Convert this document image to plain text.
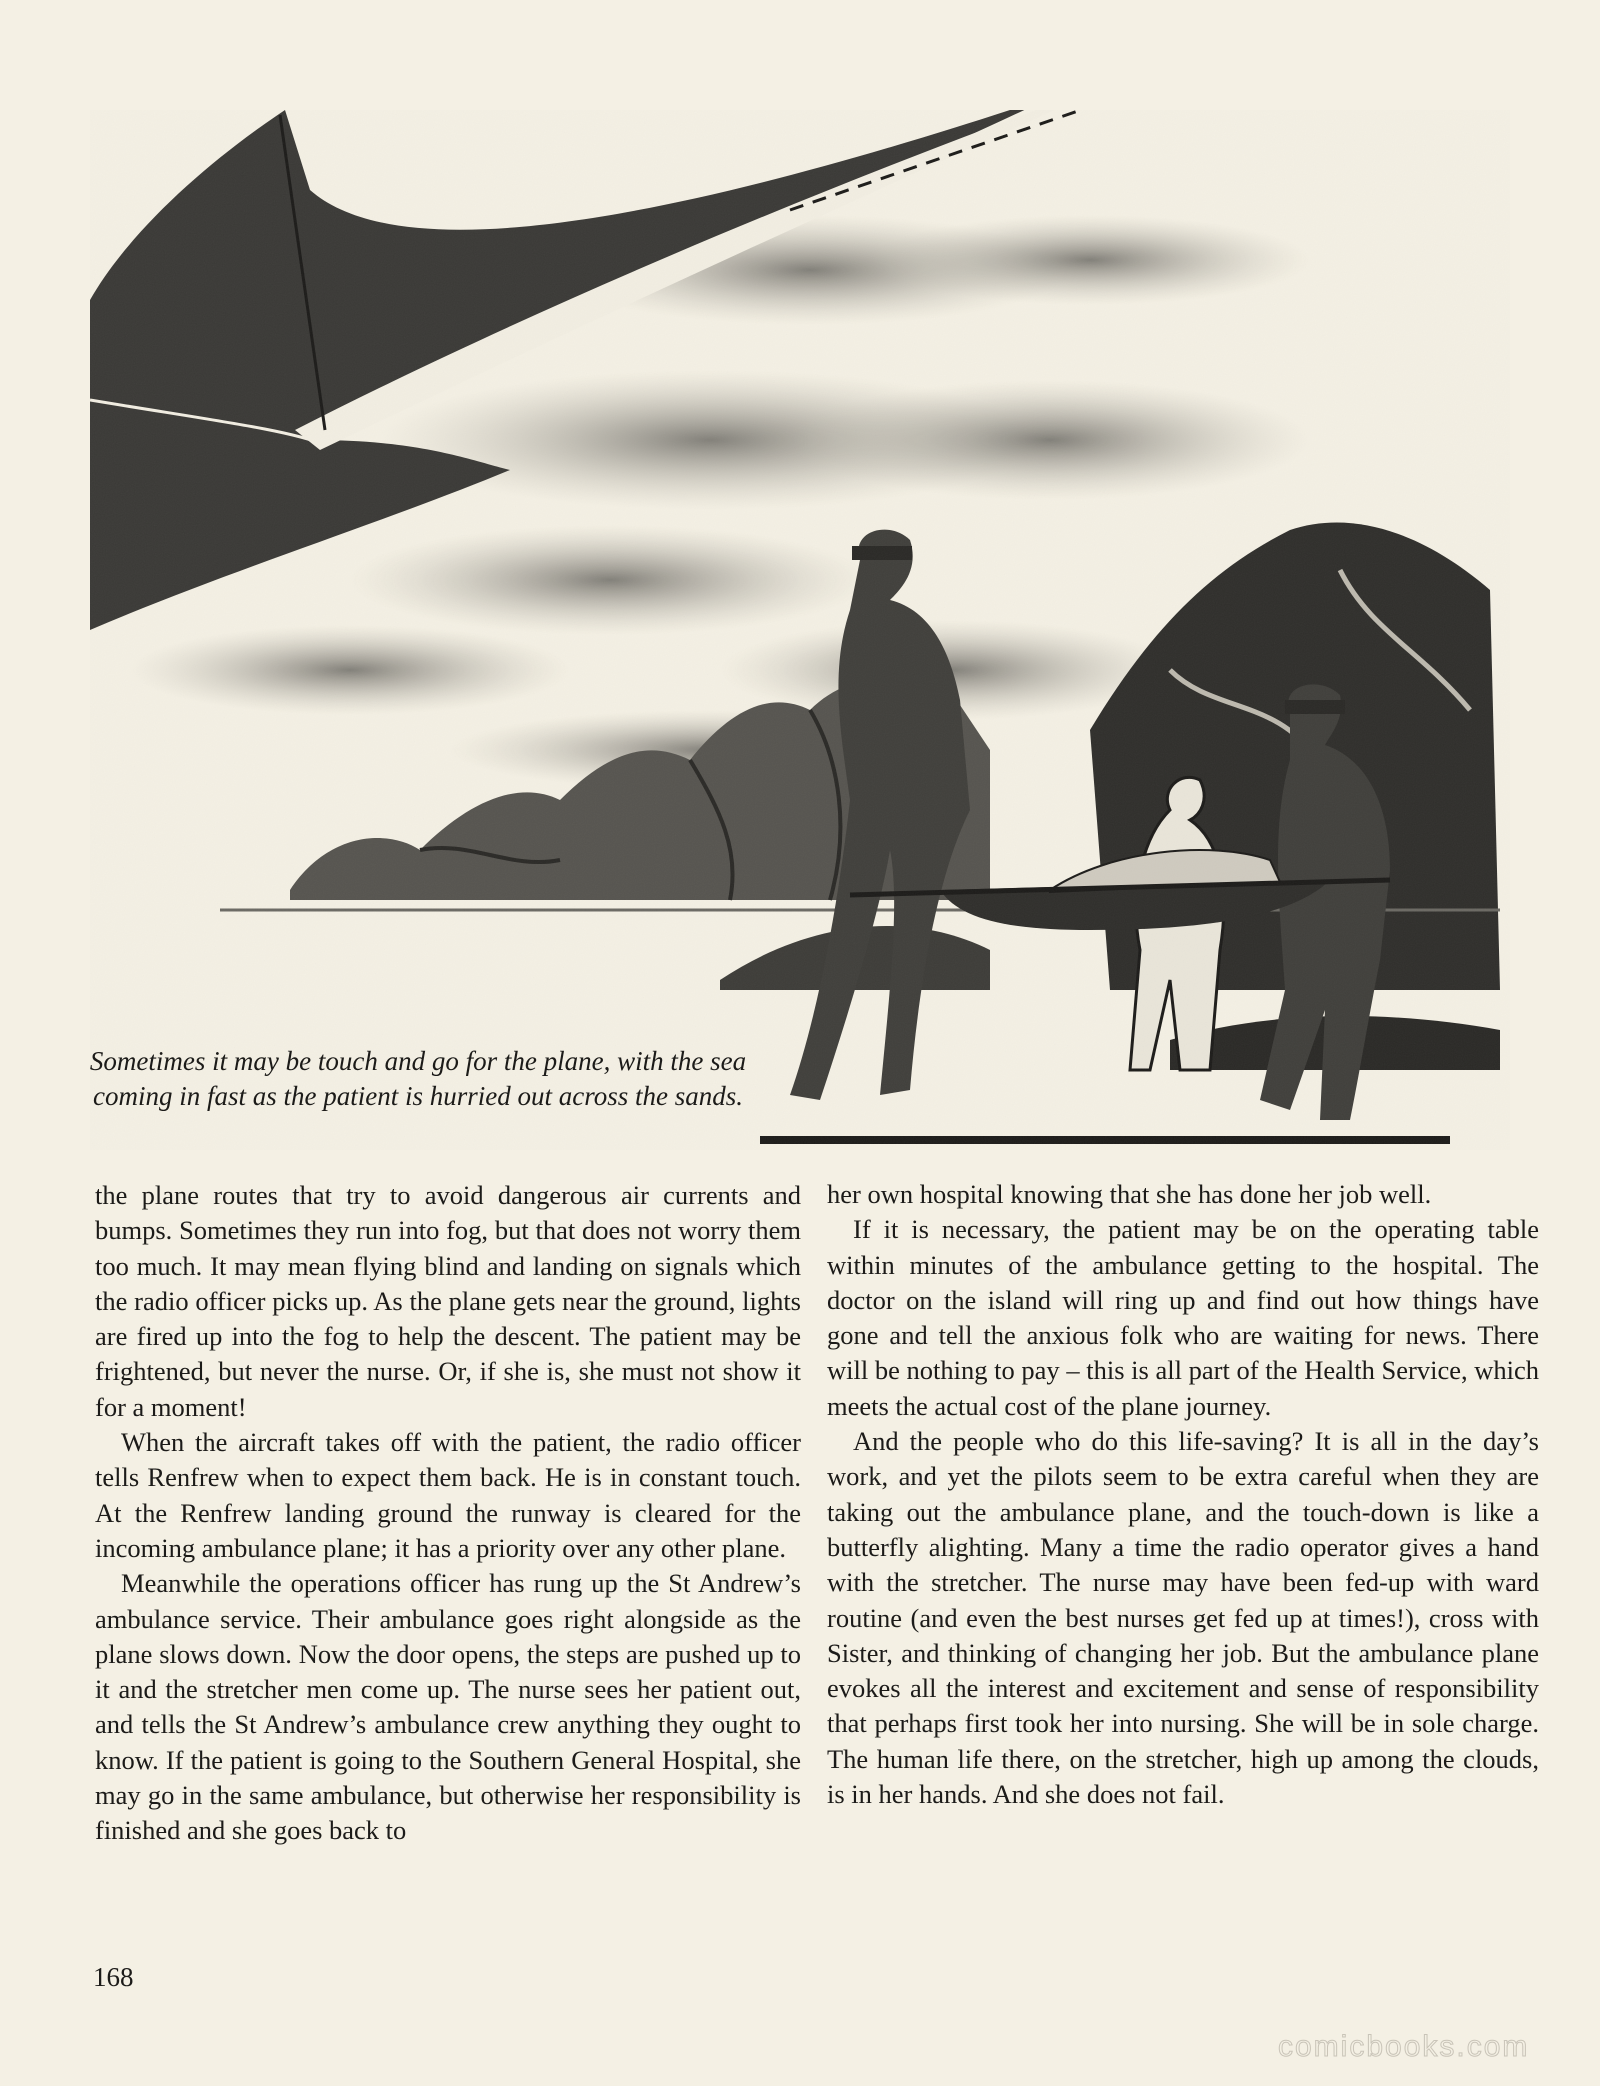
Sometimes it may be touch and go for the plane, with the sea coming in fast as the patient is hurried out across the sands.

the plane routes that try to avoid dangerous air currents and bumps. Sometimes they run into fog, but that does not worry them too much. It may mean flying blind and landing on signals which the radio officer picks up. As the plane gets near the ground, lights are fired up into the fog to help the descent. The patient may be frightened, but never the nurse. Or, if she is, she must not show it for a moment!

When the aircraft takes off with the patient, the radio officer tells Renfrew when to expect them back. He is in constant touch. At the Renfrew landing ground the runway is cleared for the incoming ambulance plane; it has a priority over any other plane.

Meanwhile the operations officer has rung up the St Andrew’s ambulance service. Their ambulance goes right alongside as the plane slows down. Now the door opens, the steps are pushed up to it and the stretcher men come up. The nurse sees her patient out, and tells the St Andrew’s ambulance crew anything they ought to know. If the patient is going to the Southern General Hospital, she may go in the same ambulance, but otherwise her responsibility is finished and she goes back to

her own hospital knowing that she has done her job well.

If it is necessary, the patient may be on the operating table within minutes of the ambulance getting to the hospital. The doctor on the island will ring up and find out how things have gone and tell the anxious folk who are waiting for news. There will be nothing to pay – this is all part of the Health Service, which meets the actual cost of the plane journey.

And the people who do this life-saving? It is all in the day’s work, and yet the pilots seem to be extra careful when they are taking out the ambulance plane, and the touch-down is like a butterfly alighting. Many a time the radio operator gives a hand with the stretcher. The nurse may have been fed-up with ward routine (and even the best nurses get fed up at times!), cross with Sister, and thinking of changing her job. But the ambulance plane evokes all the interest and excitement and sense of responsibility that perhaps first took her into nursing. She will be in sole charge. The human life there, on the stretcher, high up among the clouds, is in her hands. And she does not fail.

168
comicbooks.com
